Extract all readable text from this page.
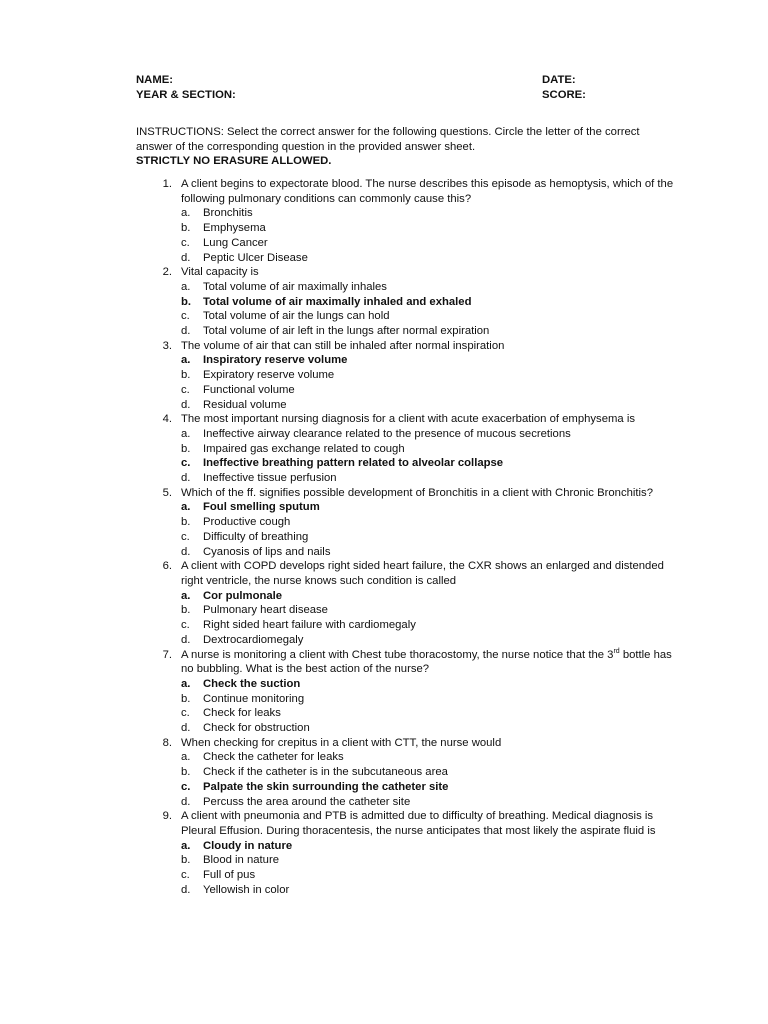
NAME:	DATE:
YEAR & SECTION:	SCORE:
INSTRUCTIONS: Select the correct answer for the following questions. Circle the letter of the correct answer of the corresponding question in the provided answer sheet.
STRICTLY NO ERASURE ALLOWED.
1. A client begins to expectorate blood. The nurse describes this episode as hemoptysis, which of the following pulmonary conditions can commonly cause this?
a. Bronchitis
b. Emphysema
c. Lung Cancer
d. Peptic Ulcer Disease
2. Vital capacity is
a. Total volume of air maximally inhales
b. Total volume of air maximally inhaled and exhaled
c. Total volume of air the lungs can hold
d. Total volume of air left in the lungs after normal expiration
3. The volume of air that can still be inhaled after normal inspiration
a. Inspiratory reserve volume
b. Expiratory reserve volume
c. Functional volume
d. Residual volume
4. The most important nursing diagnosis for a client with acute exacerbation of emphysema is
a. Ineffective airway clearance related to the presence of mucous secretions
b. Impaired gas exchange related to cough
c. Ineffective breathing pattern related to alveolar collapse
d. Ineffective tissue perfusion
5. Which of the ff. signifies possible development of Bronchitis in a client with Chronic Bronchitis?
a. Foul smelling sputum
b. Productive cough
c. Difficulty of breathing
d. Cyanosis of lips and nails
6. A client with COPD develops right sided heart failure, the CXR shows an enlarged and distended right ventricle, the nurse knows such condition is called
a. Cor pulmonale
b. Pulmonary heart disease
c. Right sided heart failure with cardiomegaly
d. Dextrocardiomegaly
7. A nurse is monitoring a client with Chest tube thoracostomy, the nurse notice that the 3rd bottle has no bubbling. What is the best action of the nurse?
a. Check the suction
b. Continue monitoring
c. Check for leaks
d. Check for obstruction
8. When checking for crepitus in a client with CTT, the nurse would
a. Check the catheter for leaks
b. Check if the catheter is in the subcutaneous area
c. Palpate the skin surrounding the catheter site
d. Percuss the area around the catheter site
9. A client with pneumonia and PTB is admitted due to difficulty of breathing. Medical diagnosis is Pleural Effusion. During thoracentesis, the nurse anticipates that most likely the aspirate fluid is
a. Cloudy in nature
b. Blood in nature
c. Full of pus
d. Yellowish in color
